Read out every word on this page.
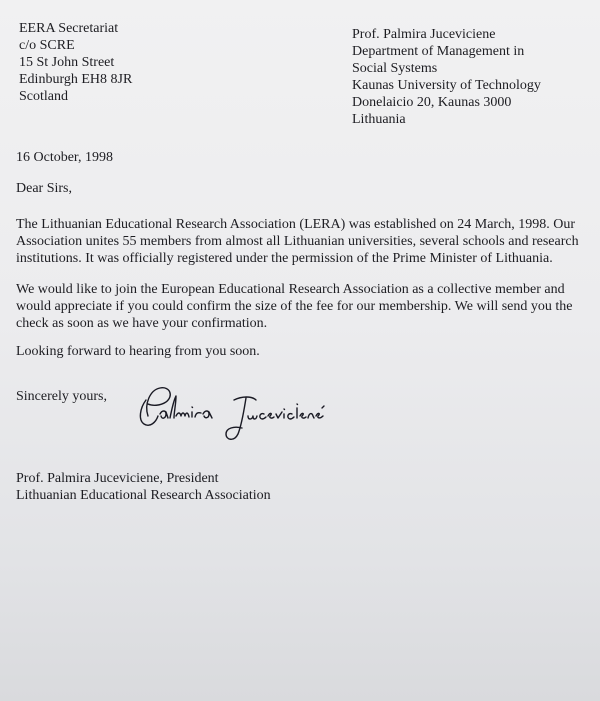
EERA Secretariat
c/o SCRE
15 St John Street
Edinburgh EH8 8JR
Scotland
Prof. Palmira Juceviciene
Department of Management in
Social Systems
Kaunas University of Technology
Donelaicio 20, Kaunas 3000
Lithuania
16 October, 1998
Dear Sirs,
The Lithuanian Educational Research Association (LERA) was established on 24 March, 1998. Our
Association unites 55 members from almost all Lithuanian universities, several schools and research
institutions. It was officially registered under the permission of the Prime Minister of Lithuania.
We would like to join the European Educational Research Association as a collective member and
would appreciate if you could confirm the size of the fee for our membership. We will send you the
check as soon as we have your confirmation.
Looking forward to hearing from you soon.
Sincerely yours,
Prof. Palmira Juceviciene, President
Lithuanian Educational Research Association
